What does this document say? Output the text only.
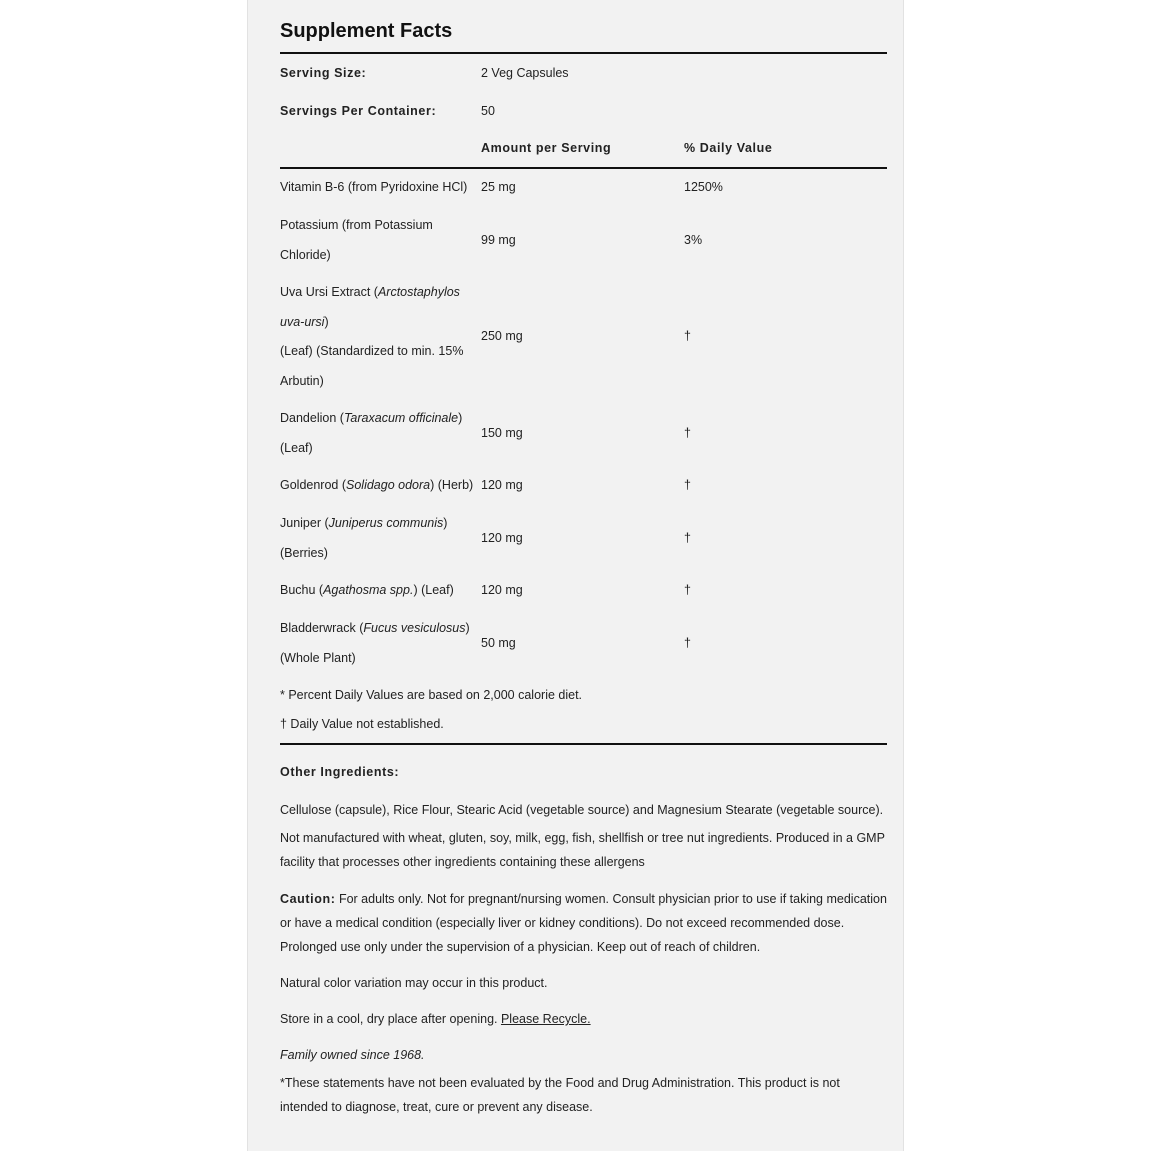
Supplement Facts
Serving Size:	2 Veg Capsules
Servings Per Container:	50
Amount per Serving	% Daily Value
Vitamin B-6 (from Pyridoxine HCl)	25 mg	1250%
Potassium (from Potassium
Chloride)
99 mg	3%
Uva Ursi Extract (Arctostaphylos
uva-ursi)
(Leaf) (Standardized to min. 15%
Arbutin)
250 mg	†
Dandelion (Taraxacum officinale)
(Leaf)
150 mg	†
Goldenrod (Solidago odora) (Herb) 120 mg	†
Juniper (Juniperus communis)
(Berries)
120 mg	†
Buchu (Agathosma spp.) (Leaf)	120 mg	†
Bladderwrack (Fucus vesiculosus)
(Whole Plant)
50 mg	†
* Percent Daily Values are based on 2,000 calorie diet.
† Daily Value not established.
Other Ingredients:
Cellulose (capsule), Rice Flour, Stearic Acid (vegetable source) and Magnesium Stearate (vegetable source).
Not manufactured with wheat, gluten, soy, milk, egg, fish, shellfish or tree nut ingredients. Produced in a GMP facility that processes other ingredients containing these allergens
Caution: For adults only. Not for pregnant/nursing women. Consult physician prior to use if taking medication or have a medical condition (especially liver or kidney conditions). Do not exceed recommended dose. Prolonged use only under the supervision of a physician. Keep out of reach of children.
Natural color variation may occur in this product.
Store in a cool, dry place after opening. Please Recycle.
Family owned since 1968.
*These statements have not been evaluated by the Food and Drug Administration. This product is not intended to diagnose, treat, cure or prevent any disease.
